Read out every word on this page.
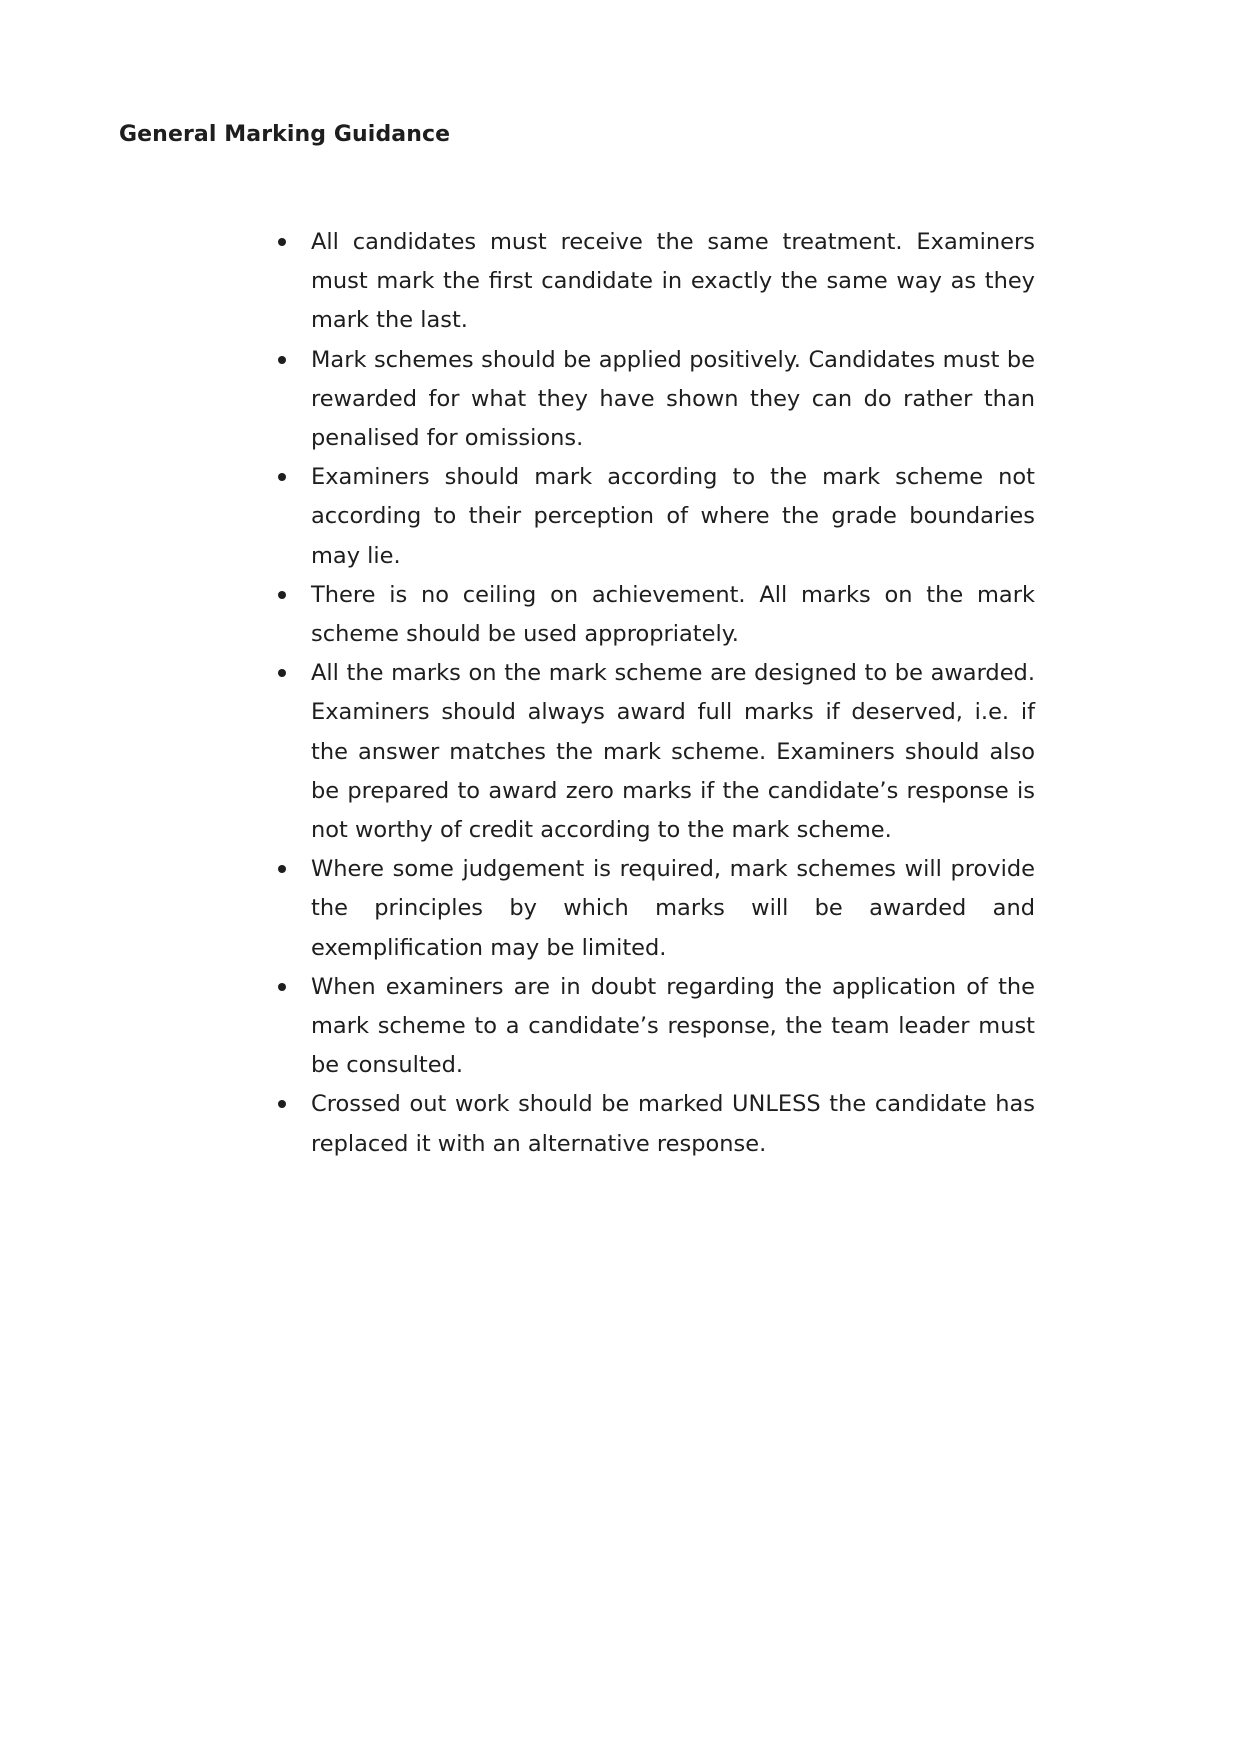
General Marking Guidance
All candidates must receive the same treatment. Examiners must mark the first candidate in exactly the same way as they mark the last.
Mark schemes should be applied positively. Candidates must be rewarded for what they have shown they can do rather than penalised for omissions.
Examiners should mark according to the mark scheme not according to their perception of where the grade boundaries may lie.
There is no ceiling on achievement. All marks on the mark scheme should be used appropriately.
All the marks on the mark scheme are designed to be awarded. Examiners should always award full marks if deserved, i.e. if the answer matches the mark scheme. Examiners should also be prepared to award zero marks if the candidate’s response is not worthy of credit according to the mark scheme.
Where some judgement is required, mark schemes will provide the principles by which marks will be awarded and exemplification may be limited.
When examiners are in doubt regarding the application of the mark scheme to a candidate’s response, the team leader must be consulted.
Crossed out work should be marked UNLESS the candidate has replaced it with an alternative response.
